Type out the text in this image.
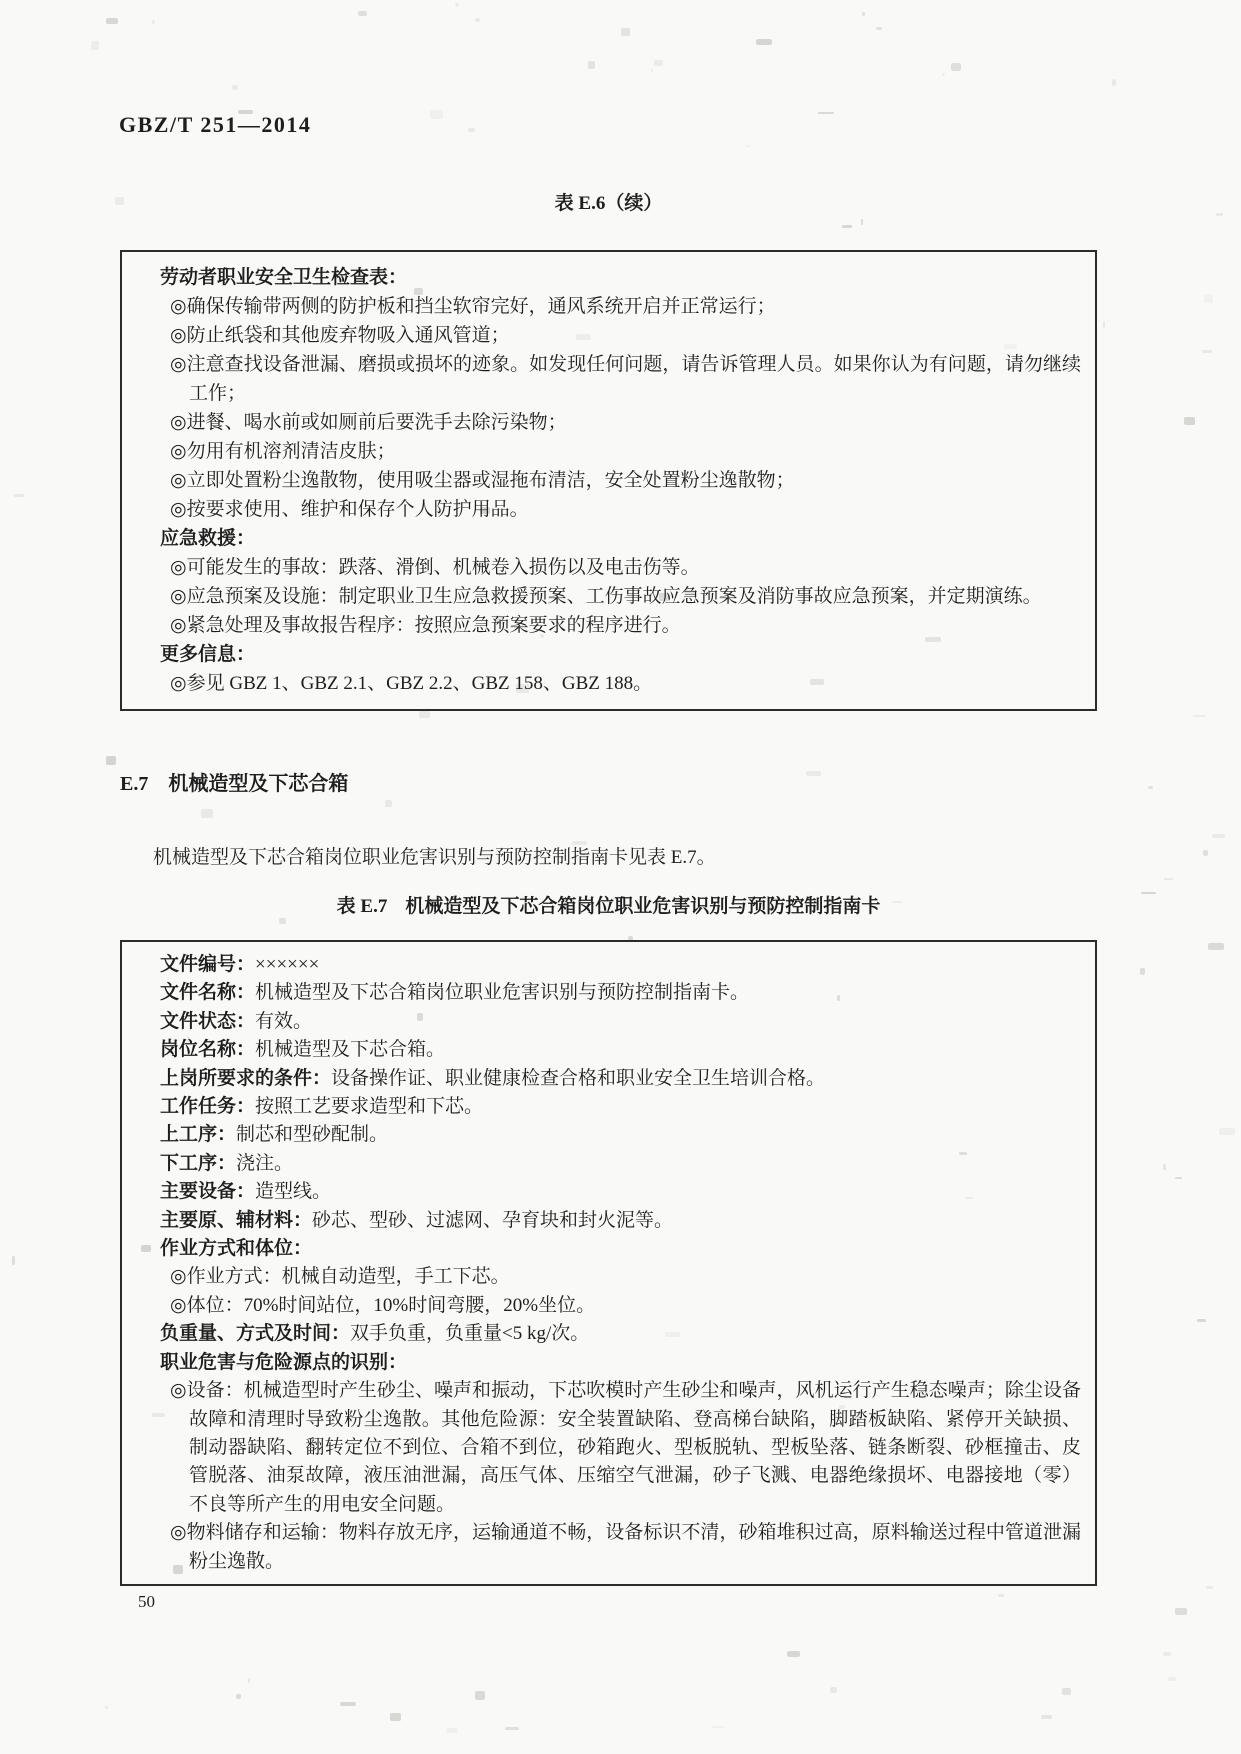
GBZ/T 251—2014
表 E.6（续）

劳动者职业安全卫生检查表：

◎确保传输带两侧的防护板和挡尘软帘完好，通风系统开启并正常运行；

◎防止纸袋和其他废弃物吸入通风管道；

◎注意查找设备泄漏、磨损或损坏的迹象。如发现任何问题，请告诉管理人员。如果你认为有问题，请勿继续工作；

◎进餐、喝水前或如厕前后要洗手去除污染物；

◎勿用有机溶剂清洁皮肤；

◎立即处置粉尘逸散物，使用吸尘器或湿拖布清洁，安全处置粉尘逸散物；

◎按要求使用、维护和保存个人防护用品。

应急救援：

◎可能发生的事故：跌落、滑倒、机械卷入损伤以及电击伤等。

◎应急预案及设施：制定职业卫生应急救援预案、工伤事故应急预案及消防事故应急预案，并定期演练。

◎紧急处理及事故报告程序：按照应急预案要求的程序进行。

更多信息：

◎参见 GBZ 1、GBZ 2.1、GBZ 2.2、GBZ 158、GBZ 188。

E.7 机械造型及下芯合箱

机械造型及下芯合箱岗位职业危害识别与预防控制指南卡见表 E.7。

表 E.7 机械造型及下芯合箱岗位职业危害识别与预防控制指南卡

文件编号：××××××

文件名称：机械造型及下芯合箱岗位职业危害识别与预防控制指南卡。

文件状态：有效。

岗位名称：机械造型及下芯合箱。

上岗所要求的条件：设备操作证、职业健康检查合格和职业安全卫生培训合格。

工作任务：按照工艺要求造型和下芯。

上工序：制芯和型砂配制。

下工序：浇注。

主要设备：造型线。

主要原、辅材料：砂芯、型砂、过滤网、孕育块和封火泥等。

作业方式和体位：

◎作业方式：机械自动造型，手工下芯。

◎体位：70%时间站位，10%时间弯腰，20%坐位。

负重量、方式及时间：双手负重，负重量<5 kg/次。

职业危害与危险源点的识别：

◎设备：机械造型时产生砂尘、噪声和振动，下芯吹模时产生砂尘和噪声，风机运行产生稳态噪声；除尘设备故障和清理时导致粉尘逸散。其他危险源：安全装置缺陷、登高梯台缺陷，脚踏板缺陷、紧停开关缺损、制动器缺陷、翻转定位不到位、合箱不到位，砂箱跑火、型板脱轨、型板坠落、链条断裂、砂框撞击、皮管脱落、油泵故障，液压油泄漏，高压气体、压缩空气泄漏，砂子飞溅、电器绝缘损坏、电器接地（零）不良等所产生的用电安全问题。

◎物料储存和运输：物料存放无序，运输通道不畅，设备标识不清，砂箱堆积过高，原料输送过程中管道泄漏粉尘逸散。

50
